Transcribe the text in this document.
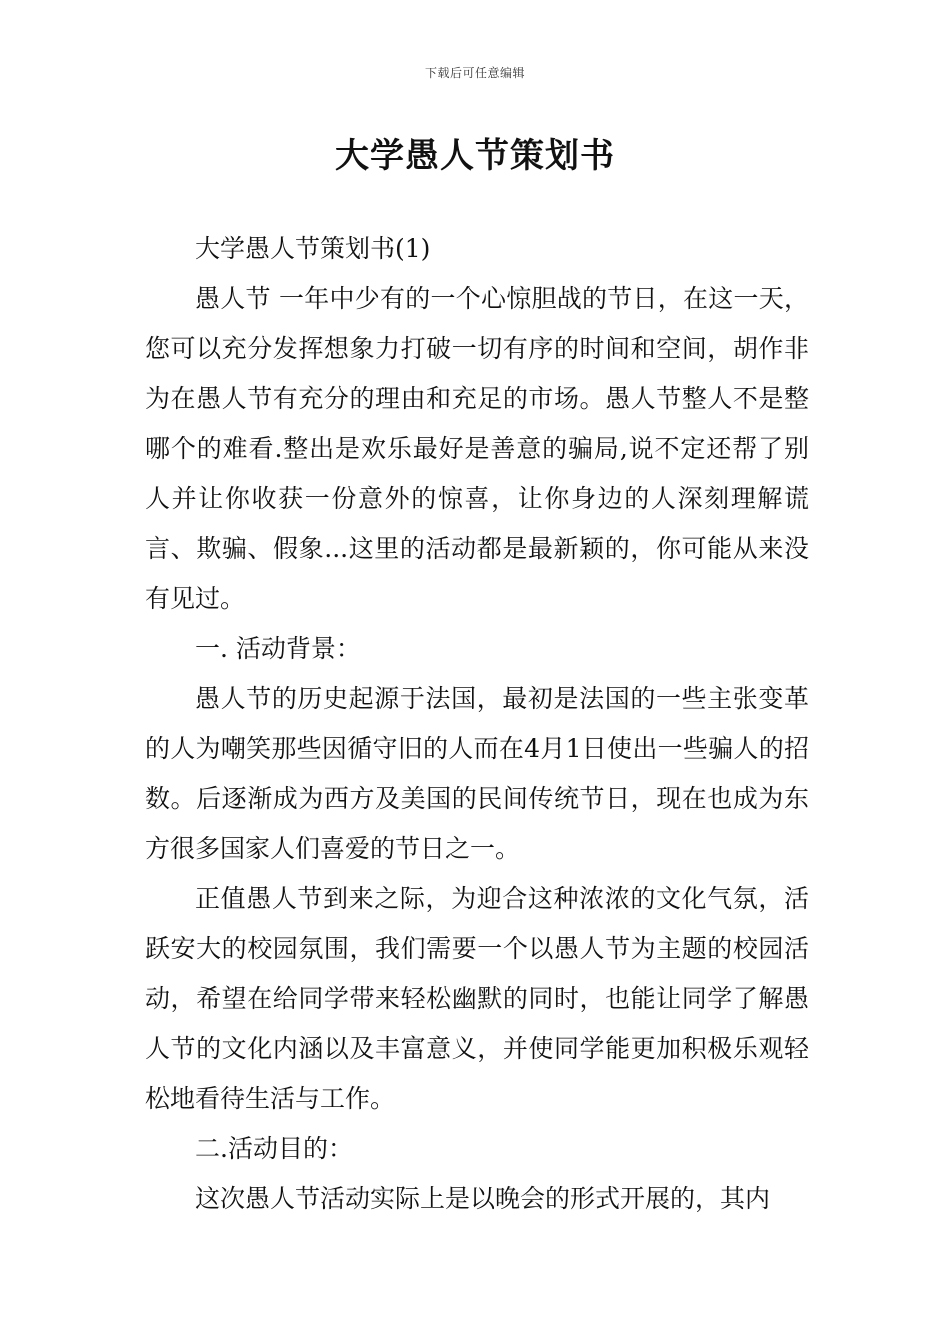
下载后可任意编辑
大学愚人节策划书

大学愚人节策划书(1)

愚人节 一年中少有的一个心惊胆战的节日，在这一天，您可以充分发挥想象力打破一切有序的时间和空间，胡作非为在愚人节有充分的理由和充足的市场。愚人节整人不是整哪个的难看.整出是欢乐最好是善意的骗局,说不定还帮了别人并让你收获一份意外的惊喜，让你身边的人深刻理解谎言、欺骗、假象...这里的活动都是最新颖的，你可能从来没有见过。

一. 活动背景：

愚人节的历史起源于法国，最初是法国的一些主张变革的人为嘲笑那些因循守旧的人而在4月1日使出一些骗人的招数。后逐渐成为西方及美国的民间传统节日，现在也成为东方很多国家人们喜爱的节日之一。

正值愚人节到来之际，为迎合这种浓浓的文化气氛，活跃安大的校园氛围，我们需要一个以愚人节为主题的校园活动，希望在给同学带来轻松幽默的同时，也能让同学了解愚人节的文化内涵以及丰富意义，并使同学能更加积极乐观轻松地看待生活与工作。

二.活动目的：

这次愚人节活动实际上是以晚会的形式开展的，其内
